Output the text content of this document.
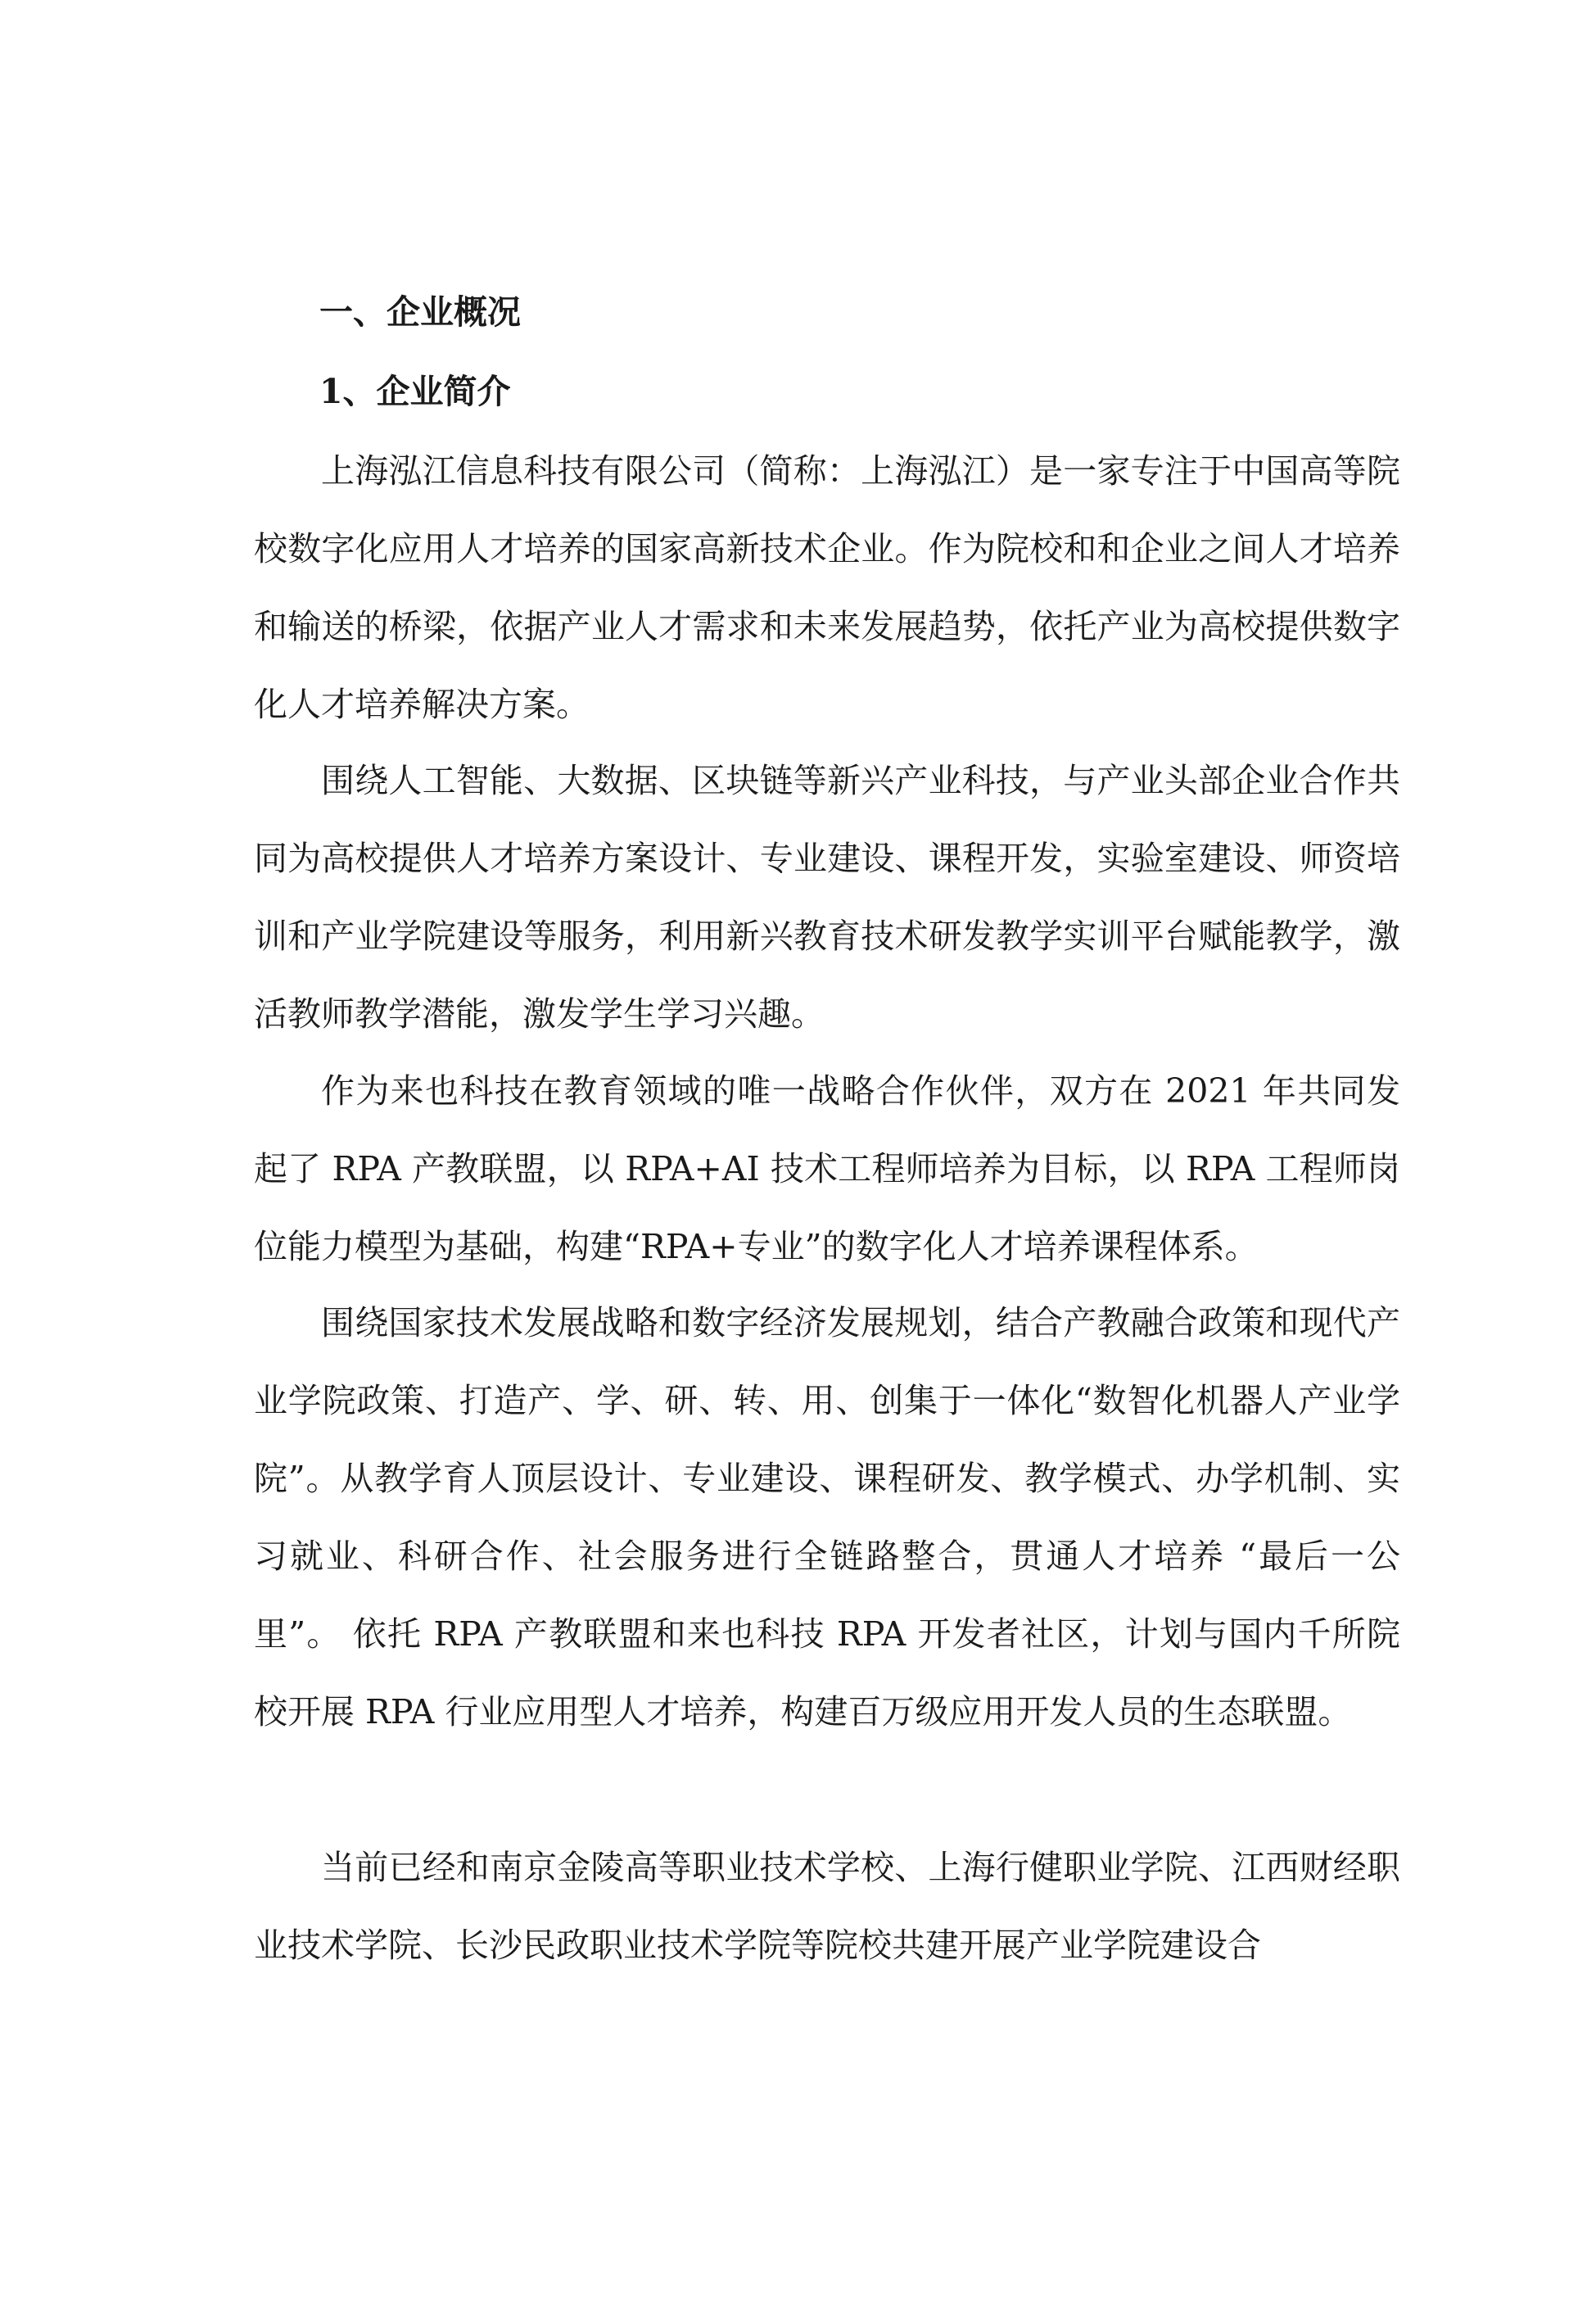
一、企业概况
1、企业简介

上海泓江信息科技有限公司（简称：上海泓江）是一家专注于中国高等院校数字化应用人才培养的国家高新技术企业。作为院校和和企业之间人才培养和输送的桥梁，依据产业人才需求和未来发展趋势，依托产业为高校提供数字化人才培养解决方案。

围绕人工智能、大数据、区块链等新兴产业科技，与产业头部企业合作共同为高校提供人才培养方案设计、专业建设、课程开发，实验室建设、师资培训和产业学院建设等服务，利用新兴教育技术研发教学实训平台赋能教学，激活教师教学潜能，激发学生学习兴趣。

作为来也科技在教育领域的唯一战略合作伙伴，双方在 2021 年共同发起了 RPA 产教联盟，以 RPA+AI 技术工程师培养为目标，以 RPA 工程师岗位能力模型为基础，构建“RPA+专业”的数字化人才培养课程体系。

围绕国家技术发展战略和数字经济发展规划，结合产教融合政策和现代产业学院政策、打造产、学、研、转、用、创集于一体化“数智化机器人产业学院”。从教学育人顶层设计、专业建设、课程研发、教学模式、办学机制、实习就业、科研合作、社会服务进行全链路整合，贯通人才培养 “最后一公里”。 依托 RPA 产教联盟和来也科技 RPA 开发者社区，计划与国内千所院校开展 RPA 行业应用型人才培养，构建百万级应用开发人员的生态联盟。

当前已经和南京金陵高等职业技术学校、上海行健职业学院、江西财经职业技术学院、长沙民政职业技术学院等院校共建开展产业学院建设合
